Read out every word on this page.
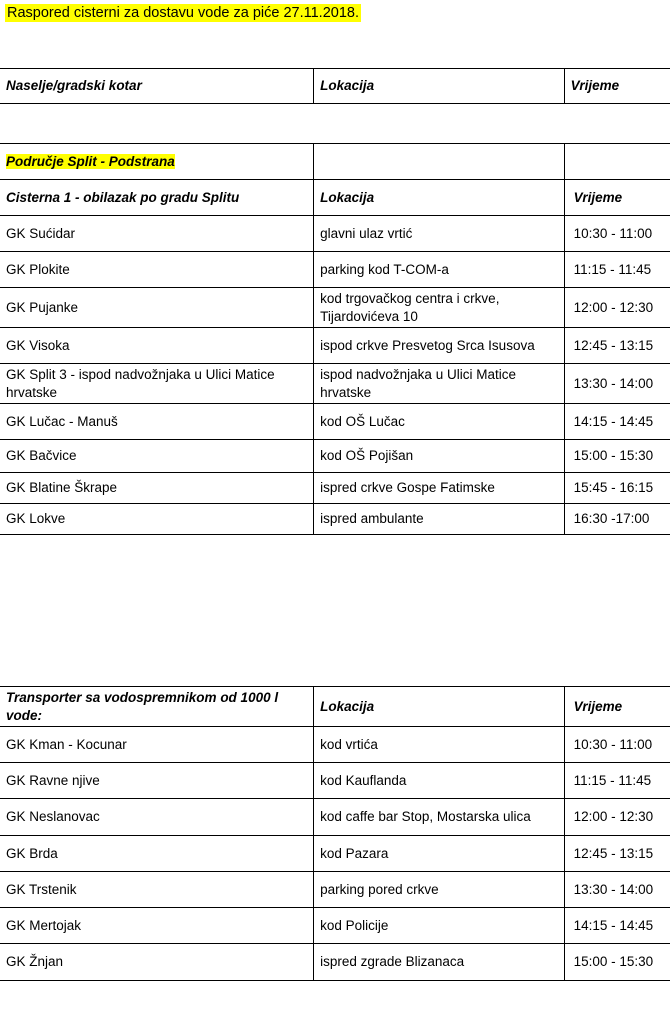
Raspored cisterni za dostavu vode za piće 27.11.2018.
Naselje/gradski kotar	Lokacija	Vrijeme
Područje Split - Podstrana		
Cisterna 1 - obilazak po gradu Splitu	Lokacija	Vrijeme
GK Sućidar	glavni ulaz vrtić	10:30 - 11:00
GK Plokite	parking kod T-COM-a	11:15 - 11:45
GK Pujanke	kod trgovačkog centra i crkve, Tijardovićeva 10	12:00 - 12:30
GK Visoka	ispod crkve Presvetog Srca Isusova	12:45 - 13:15
GK Split 3 - ispod nadvožnjaka u Ulici Matice hrvatske	ispod nadvožnjaka u Ulici Matice hrvatske	13:30 - 14:00
GK Lučac - Manuš	kod OŠ Lučac	14:15 - 14:45
GK Bačvice	kod OŠ Pojišan	15:00 - 15:30
GK Blatine Škrape	ispred crkve Gospe Fatimske	15:45 - 16:15
GK Lokve	ispred ambulante	16:30 -17:00
Transporter sa vodospremnikom od 1000 l vode:	Lokacija	Vrijeme
GK Kman - Kocunar	kod vrtića	10:30 - 11:00
GK Ravne njive	kod Kauflanda	11:15 - 11:45
GK Neslanovac	kod caffe bar Stop, Mostarska ulica	12:00 - 12:30
GK Brda	kod Pazara	12:45 - 13:15
GK Trstenik	parking pored crkve	13:30 - 14:00
GK Mertojak	kod Policije	14:15 - 14:45
GK Žnjan	ispred zgrade Blizanaca	15:00 - 15:30
